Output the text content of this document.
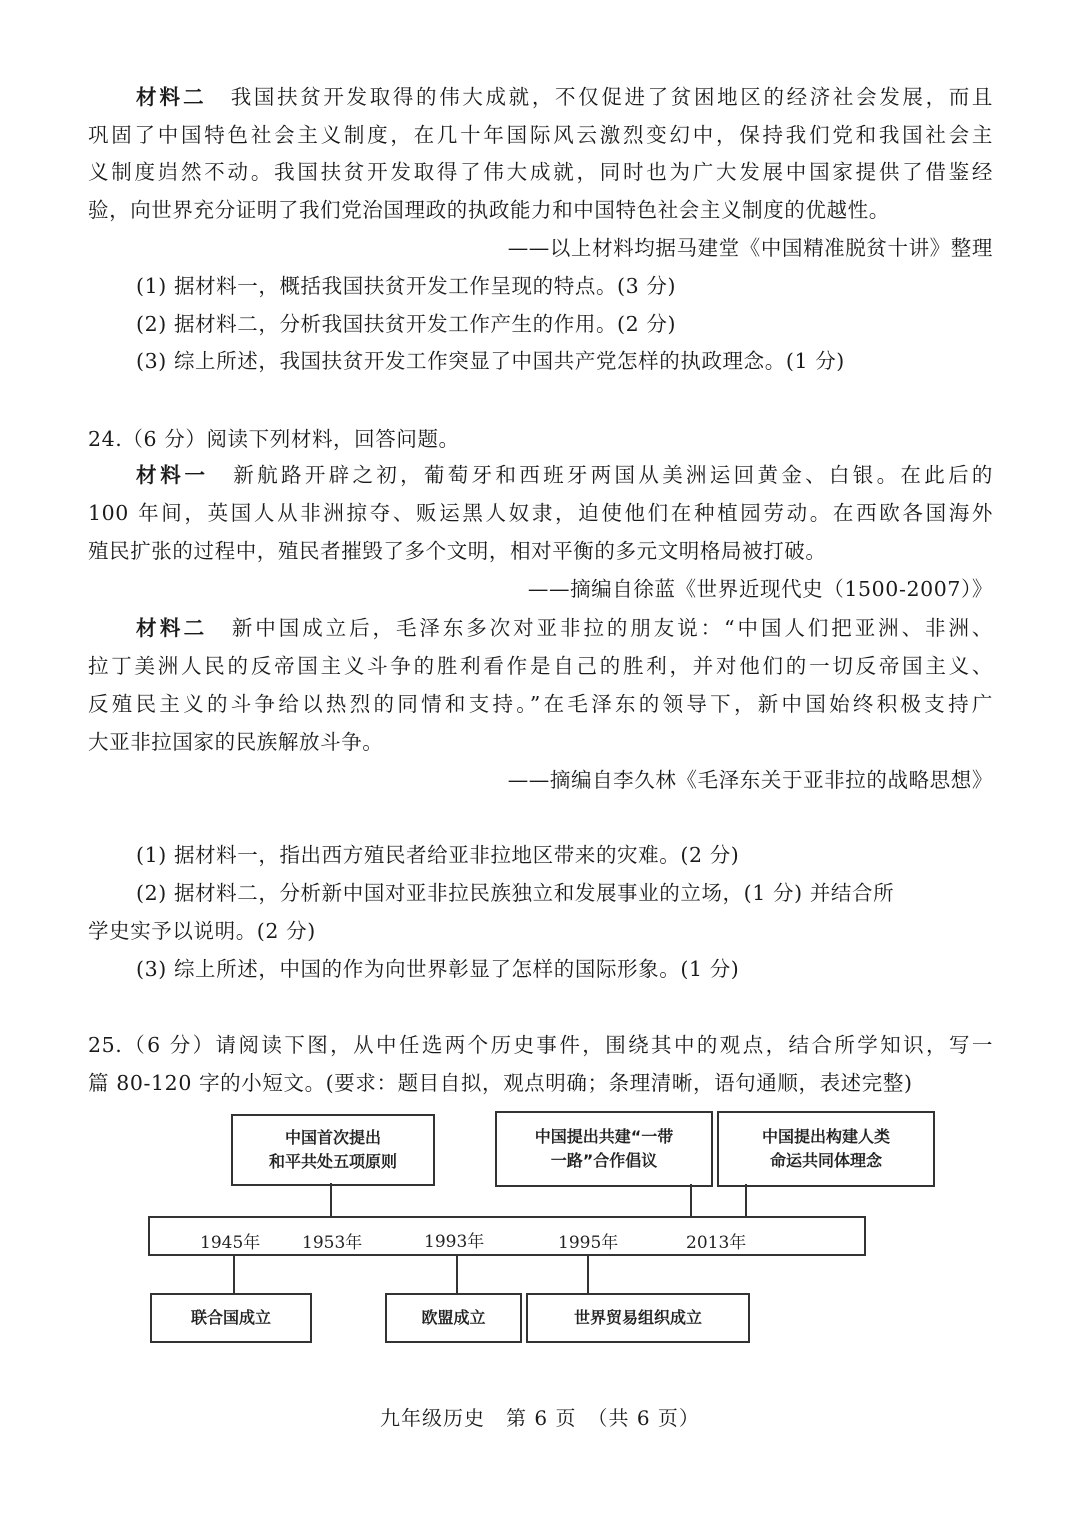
材料二 我国扶贫开发取得的伟大成就，不仅促进了贫困地区的经济社会发展，而且
巩固了中国特色社会主义制度，在几十年国际风云激烈变幻中，保持我们党和我国社会主
义制度岿然不动。我国扶贫开发取得了伟大成就，同时也为广大发展中国家提供了借鉴经
验，向世界充分证明了我们党治国理政的执政能力和中国特色社会主义制度的优越性。
——以上材料均据马建堂《中国精准脱贫十讲》整理
(1) 据材料一，概括我国扶贫开发工作呈现的特点。(3 分)
(2) 据材料二，分析我国扶贫开发工作产生的作用。(2 分)
(3) 综上所述，我国扶贫开发工作突显了中国共产党怎样的执政理念。(1 分)
24.（6 分）阅读下列材料，回答问题。
材料一 新航路开辟之初，葡萄牙和西班牙两国从美洲运回黄金、白银。在此后的
100 年间，英国人从非洲掠夺、贩运黑人奴隶，迫使他们在种植园劳动。在西欧各国海外
殖民扩张的过程中，殖民者摧毁了多个文明，相对平衡的多元文明格局被打破。
——摘编自徐蓝《世界近现代史（1500-2007）》
材料二 新中国成立后，毛泽东多次对亚非拉的朋友说：“中国人们把亚洲、非洲、
拉丁美洲人民的反帝国主义斗争的胜利看作是自己的胜利，并对他们的一切反帝国主义、
反殖民主义的斗争给以热烈的同情和支持。”在毛泽东的领导下，新中国始终积极支持广
大亚非拉国家的民族解放斗争。
——摘编自李久林《毛泽东关于亚非拉的战略思想》
(1) 据材料一，指出西方殖民者给亚非拉地区带来的灾难。(2 分)
(2) 据材料二，分析新中国对亚非拉民族独立和发展事业的立场，(1 分) 并结合所
学史实予以说明。(2 分)
(3) 综上所述，中国的作为向世界彰显了怎样的国际形象。(1 分)
25.（6 分）请阅读下图，从中任选两个历史事件，围绕其中的观点，结合所学知识，写一
篇 80-120 字的小短文。(要求：题目自拟，观点明确；条理清晰，语句通顺，表述完整)
中国首次提出
和平共处五项原则
中国提出共建“一带
一路”合作倡议
中国提出构建人类
命运共同体理念
1945年 1953年	1993年	1995年	2013年
联合国成立	欧盟成立	世界贸易组织成立
九年级历史　第 6 页　（共 6 页）
